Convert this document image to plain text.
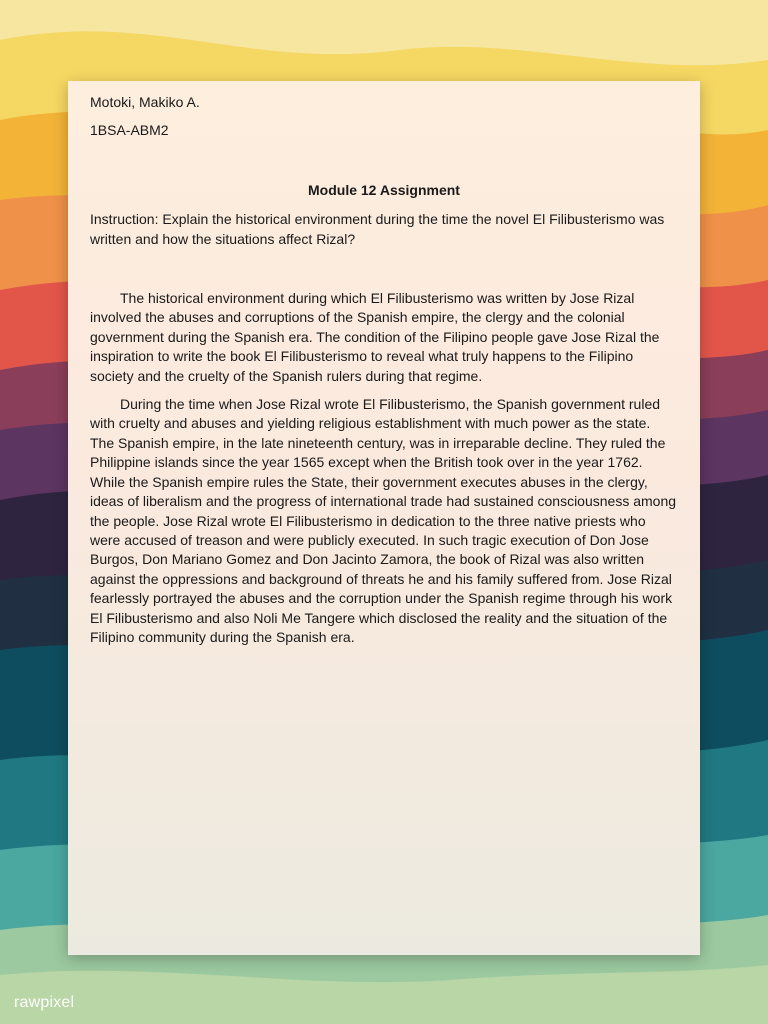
Motoki, Makiko A.

1BSA-ABM2

Module 12 Assignment

Instruction: Explain the historical environment during the time the novel El Filibusterismo was written and how the situations affect Rizal?

The historical environment during which El Filibusterismo was written by Jose Rizal involved the abuses and corruptions of the Spanish empire, the clergy and the colonial government during the Spanish era. The condition of the Filipino people gave Jose Rizal the inspiration to write the book El Filibusterismo to reveal what truly happens to the Filipino society and the cruelty of the Spanish rulers during that regime.

During the time when Jose Rizal wrote El Filibusterismo, the Spanish government ruled with cruelty and abuses and yielding religious establishment with much power as the state. The Spanish empire, in the late nineteenth century, was in irreparable decline. They ruled the Philippine islands since the year 1565 except when the British took over in the year 1762. While the Spanish empire rules the State, their government executes abuses in the clergy, ideas of liberalism and the progress of international trade had sustained consciousness among the people. Jose Rizal wrote El Filibusterismo in dedication to the three native priests who were accused of treason and were publicly executed. In such tragic execution of Don Jose Burgos, Don Mariano Gomez and Don Jacinto Zamora, the book of Rizal was also written against the oppressions and background of threats he and his family suffered from. Jose Rizal fearlessly portrayed the abuses and the corruption under the Spanish regime through his work El Filibusterismo and also Noli Me Tangere which disclosed the reality and the situation of the Filipino community during the Spanish era.

rawpixel
